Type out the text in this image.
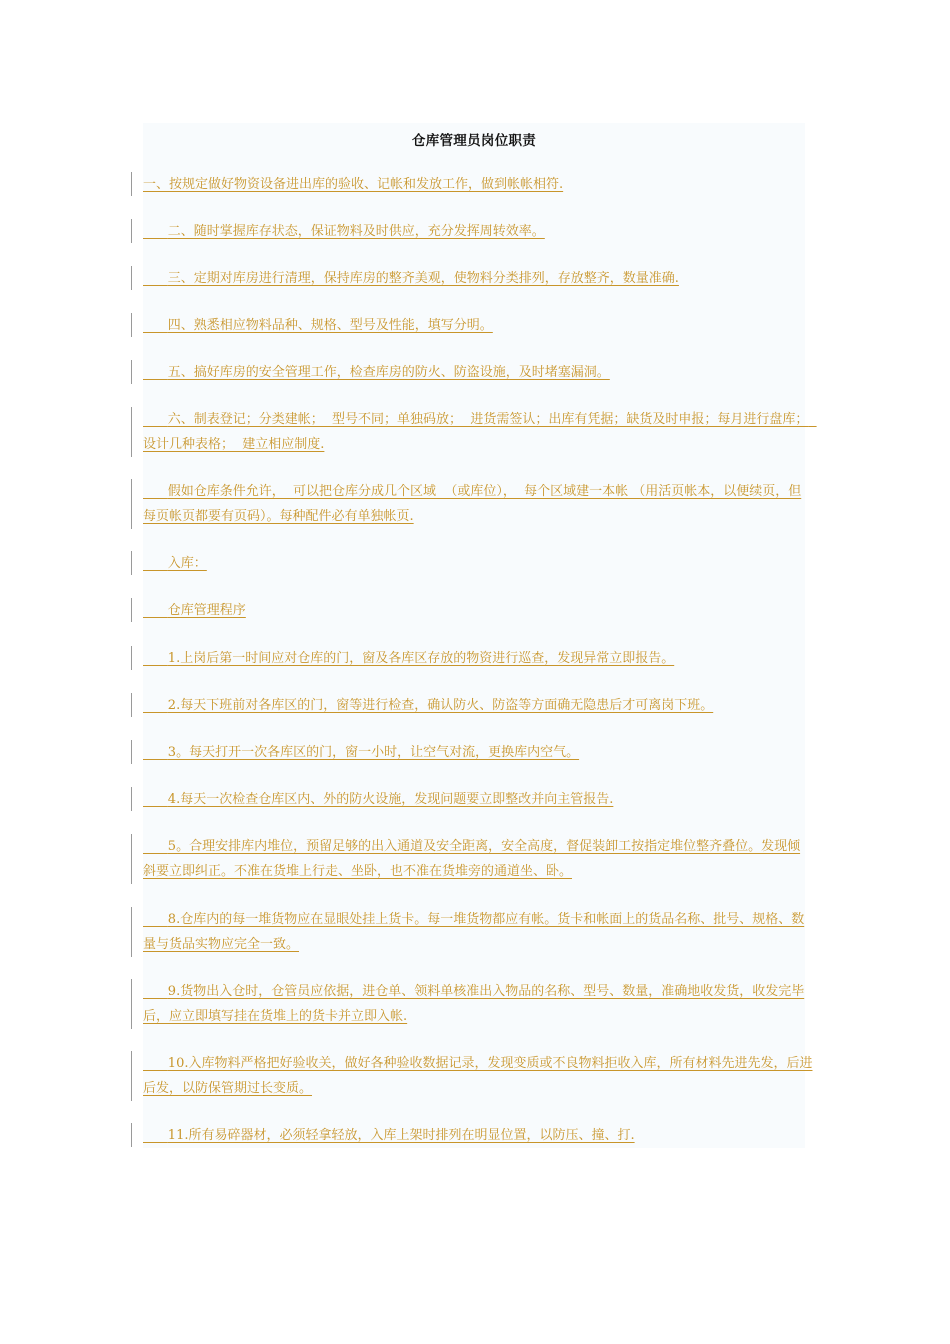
仓库管理员岗位职责
一、按规定做好物资设备进出库的验收、记帐和发放工作，做到帐帐相符.
二、随时掌握库存状态，保证物料及时供应，充分发挥周转效率。
三、定期对库房进行清理，保持库房的整齐美观，使物料分类排列，存放整齐，数量准确.
四、熟悉相应物料品种、规格、型号及性能，填写分明。
五、搞好库房的安全管理工作，检查库房的防火、防盗设施，及时堵塞漏洞。
六、制表登记；分类建帐；  型号不同；单独码放；  进货需签认；出库有凭据；缺货及时申报；每月进行盘库；  设计几种表格；  建立相应制度.
假如仓库条件允许，  可以把仓库分成几个区域  （或库位），  每个区域建一本帐 （用活页帐本，以便续页，但每页帐页都要有页码）。每种配件必有单独帐页.
入库：
仓库管理程序
1.上岗后第一时间应对仓库的门，窗及各库区存放的物资进行巡查，发现异常立即报告。
2.每天下班前对各库区的门，窗等进行检查，确认防火、防盗等方面确无隐患后才可离岗下班。
3。每天打开一次各库区的门，窗一小时，让空气对流，更换库内空气。
4.每天一次检查仓库区内、外的防火设施，发现问题要立即整改并向主管报告.
5。合理安排库内堆位，预留足够的出入通道及安全距离，安全高度，督促装卸工按指定堆位整齐叠位。发现倾斜要立即纠正。不准在货堆上行走、坐卧，也不准在货堆旁的通道坐、卧。
8.仓库内的每一堆货物应在显眼处挂上货卡。每一堆货物都应有帐。货卡和帐面上的货品名称、批号、规格、数量与货品实物应完全一致。
9.货物出入仓时，仓管员应依据，进仓单、领料单核准出入物品的名称、型号、数量，准确地收发货，收发完毕后，应立即填写挂在货堆上的货卡并立即入帐.
10.入库物料严格把好验收关，做好各种验收数据记录，发现变质或不良物料拒收入库，所有材料先进先发，后进后发，以防保管期过长变质。
11.所有易碎器材，必须轻拿轻放，入库上架时排列在明显位置，以防压、撞、打.
